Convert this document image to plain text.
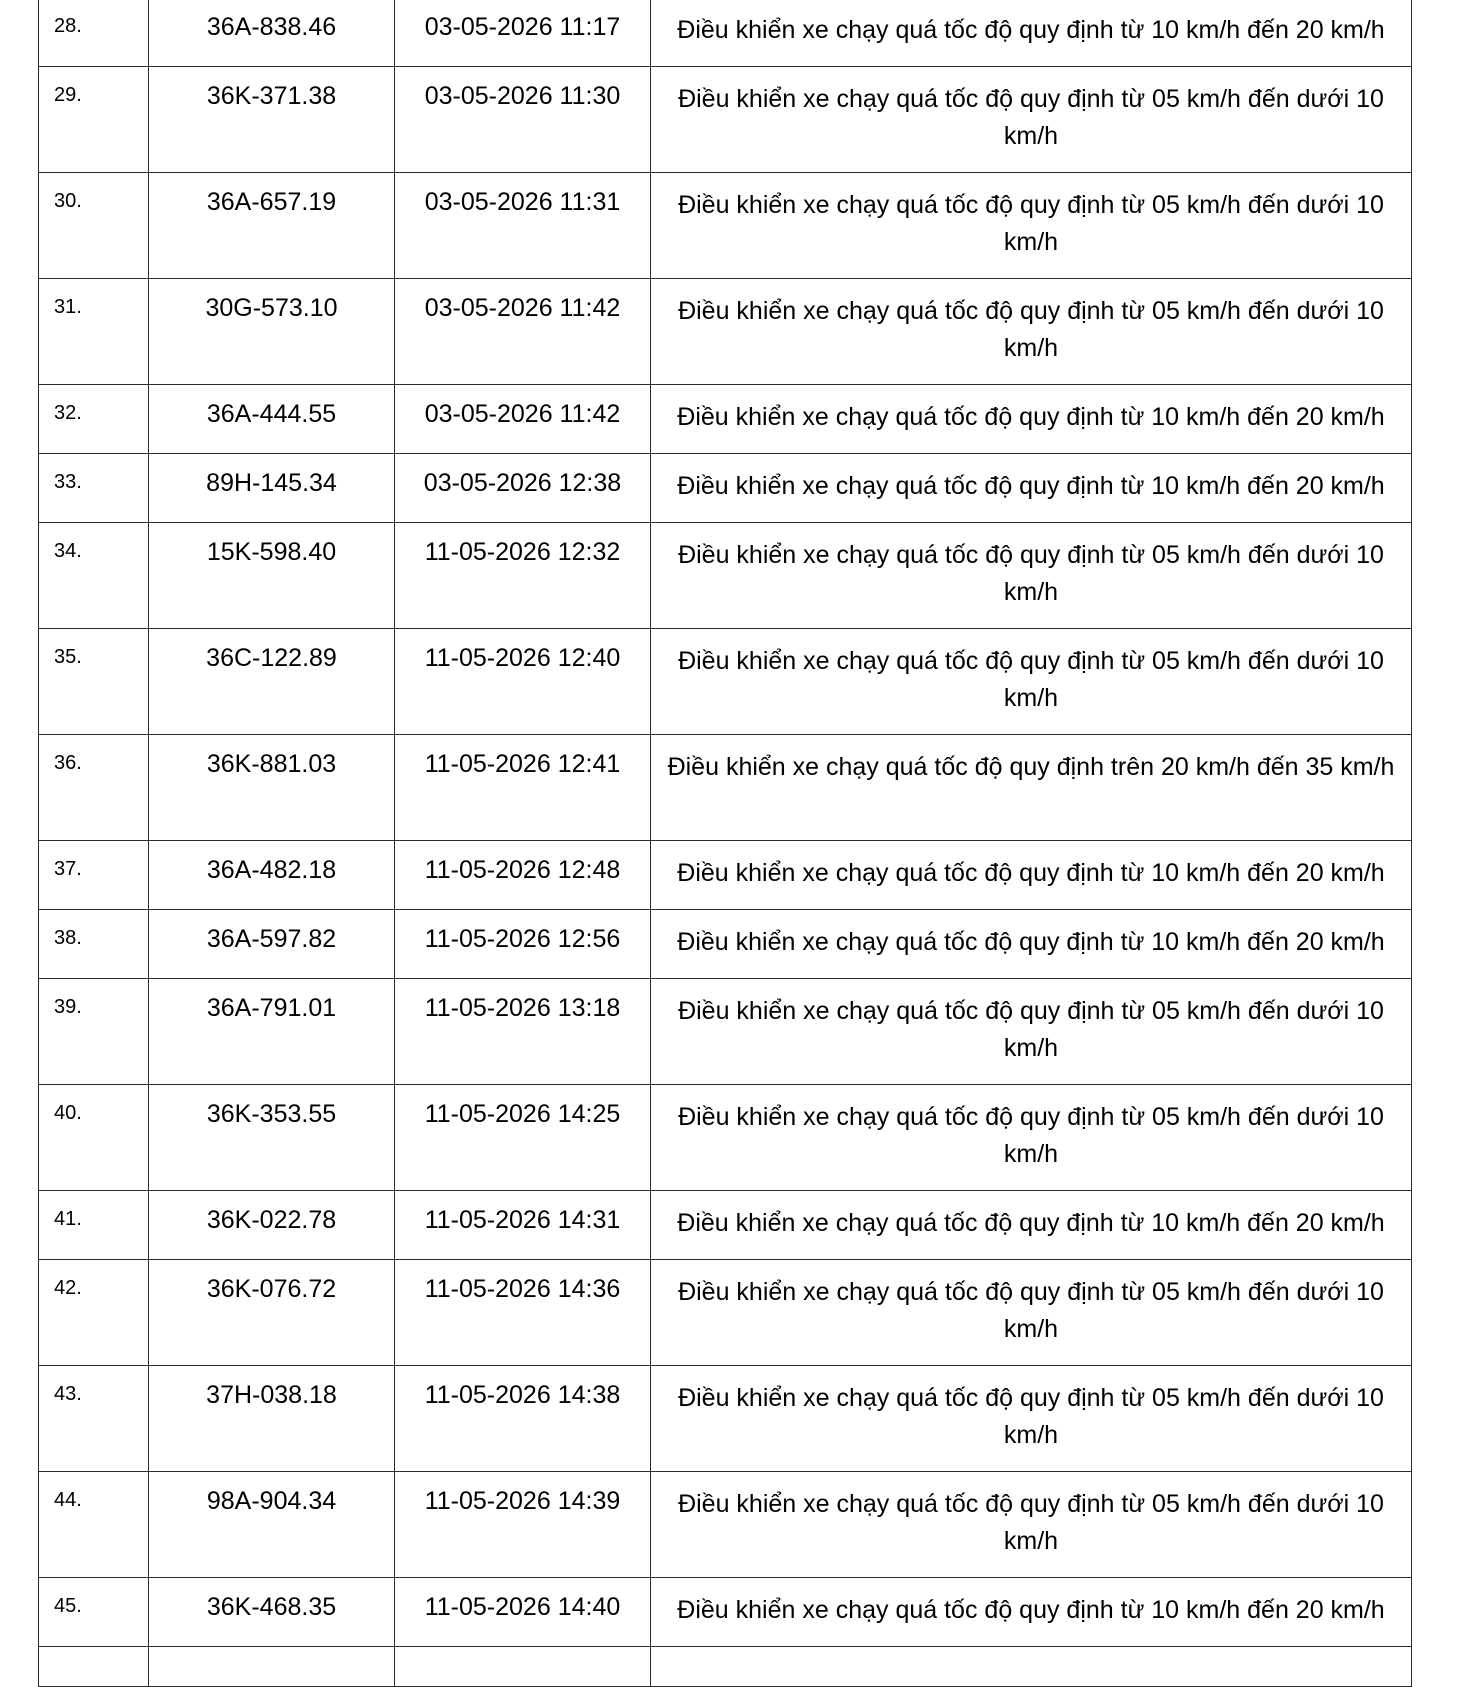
28.	36A-838.46	03-05-2026 11:17	Điều khiển xe chạy quá tốc độ quy định từ 10 km/h đến 20 km/h
29.	36K-371.38	03-05-2026 11:30	Điều khiển xe chạy quá tốc độ quy định từ 05 km/h đến dưới 10 km/h
30.	36A-657.19	03-05-2026 11:31	Điều khiển xe chạy quá tốc độ quy định từ 05 km/h đến dưới 10 km/h
31.	30G-573.10	03-05-2026 11:42	Điều khiển xe chạy quá tốc độ quy định từ 05 km/h đến dưới 10 km/h
32.	36A-444.55	03-05-2026 11:42	Điều khiển xe chạy quá tốc độ quy định từ 10 km/h đến 20 km/h
33.	89H-145.34	03-05-2026 12:38	Điều khiển xe chạy quá tốc độ quy định từ 10 km/h đến 20 km/h
34.	15K-598.40	11-05-2026 12:32	Điều khiển xe chạy quá tốc độ quy định từ 05 km/h đến dưới 10 km/h
35.	36C-122.89	11-05-2026 12:40	Điều khiển xe chạy quá tốc độ quy định từ 05 km/h đến dưới 10 km/h
36.	36K-881.03	11-05-2026 12:41	Điều khiển xe chạy quá tốc độ quy định trên 20 km/h đến 35 km/h
37.	36A-482.18	11-05-2026 12:48	Điều khiển xe chạy quá tốc độ quy định từ 10 km/h đến 20 km/h
38.	36A-597.82	11-05-2026 12:56	Điều khiển xe chạy quá tốc độ quy định từ 10 km/h đến 20 km/h
39.	36A-791.01	11-05-2026 13:18	Điều khiển xe chạy quá tốc độ quy định từ 05 km/h đến dưới 10 km/h
40.	36K-353.55	11-05-2026 14:25	Điều khiển xe chạy quá tốc độ quy định từ 05 km/h đến dưới 10 km/h
41.	36K-022.78	11-05-2026 14:31	Điều khiển xe chạy quá tốc độ quy định từ 10 km/h đến 20 km/h
42.	36K-076.72	11-05-2026 14:36	Điều khiển xe chạy quá tốc độ quy định từ 05 km/h đến dưới 10 km/h
43.	37H-038.18	11-05-2026 14:38	Điều khiển xe chạy quá tốc độ quy định từ 05 km/h đến dưới 10 km/h
44.	98A-904.34	11-05-2026 14:39	Điều khiển xe chạy quá tốc độ quy định từ 05 km/h đến dưới 10 km/h
45.	36K-468.35	11-05-2026 14:40	Điều khiển xe chạy quá tốc độ quy định từ 10 km/h đến 20 km/h
